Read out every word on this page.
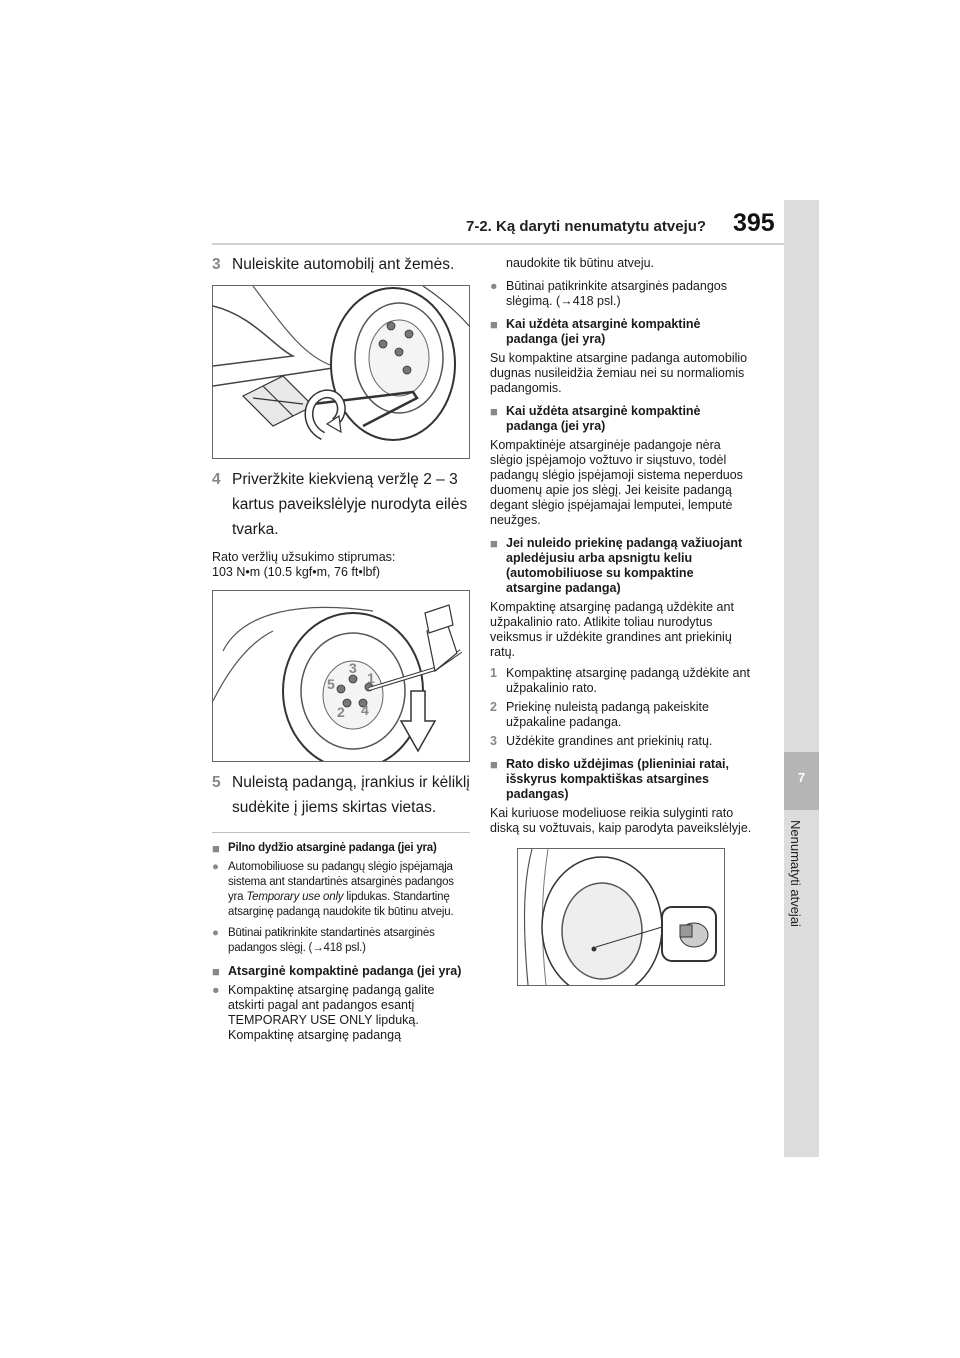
7-2. Ką daryti nenumatytu atveju? 395
7
Nenumatyti atvejai
3 Nuleiskite automobilį ant žemės.
4 Priveržkite kiekvieną veržlę 2 – 3 kartus paveikslėlyje nurodyta eilės tvarka.
Rato veržlių užsukimo stiprumas:
103 N•m (10.5 kgf•m, 76 ft•lbf)
3
1
5
2 4
5 Nuleistą padangą, įrankius ir kėliklį sudėkite į jiems skirtas vietas.
■ Pilno dydžio atsarginė padanga (jei yra)
● Automobiliuose su padangų slėgio įspėjamąja sistema ant standartinės atsarginės padangos yra Temporary use only lipdukas. Standartinę atsarginę padangą naudokite tik būtinu atveju.
● Būtinai patikrinkite standartinės atsarginės padangos slėgį. (→418 psl.)
■ Atsarginė kompaktinė padanga (jei yra)
● Kompaktinę atsarginę padangą galite atskirti pagal ant padangos esantį TEMPORARY USE ONLY lipduką. Kompaktinę atsarginę padangą
naudokite tik būtinu atveju.
● Būtinai patikrinkite atsarginės padangos slėgimą. (→418 psl.)
■ Kai uždėta atsarginė kompaktinė padanga (jei yra)
Su kompaktine atsargine padanga automobilio dugnas nusileidžia žemiau nei su normaliomis padangomis.
■ Kai uždėta atsarginė kompaktinė padanga (jei yra)
Kompaktinėje atsarginėje padangoje nėra slėgio įspėjamojo vožtuvo ir siųstuvo, todėl padangų slėgio įspėjamoji sistema neperduos duomenų apie jos slėgį. Jei keisite padangą degant slėgio įspėjamajai lemputei, lemputė neužges.
■ Jei nuleido priekinę padangą važiuojant apledėjusiu arba apsnigtu keliu (automobiliuose su kompaktine atsargine padanga)
Kompaktinę atsarginę padangą uždėkite ant užpakalinio rato. Atlikite toliau nurodytus veiksmus ir uždėkite grandines ant priekinių ratų.
1 Kompaktinę atsarginę padangą uždėkite ant užpakalinio rato.
2 Priekinę nuleistą padangą pakeiskite užpakaline padanga.
3 Uždėkite grandines ant priekinių ratų.
■ Rato disko uždėjimas (plieniniai ratai, išskyrus kompaktiškas atsargines padangas)
Kai kuriuose modeliuose reikia sulyginti rato diską su vožtuvais, kaip parodyta paveikslėlyje.
